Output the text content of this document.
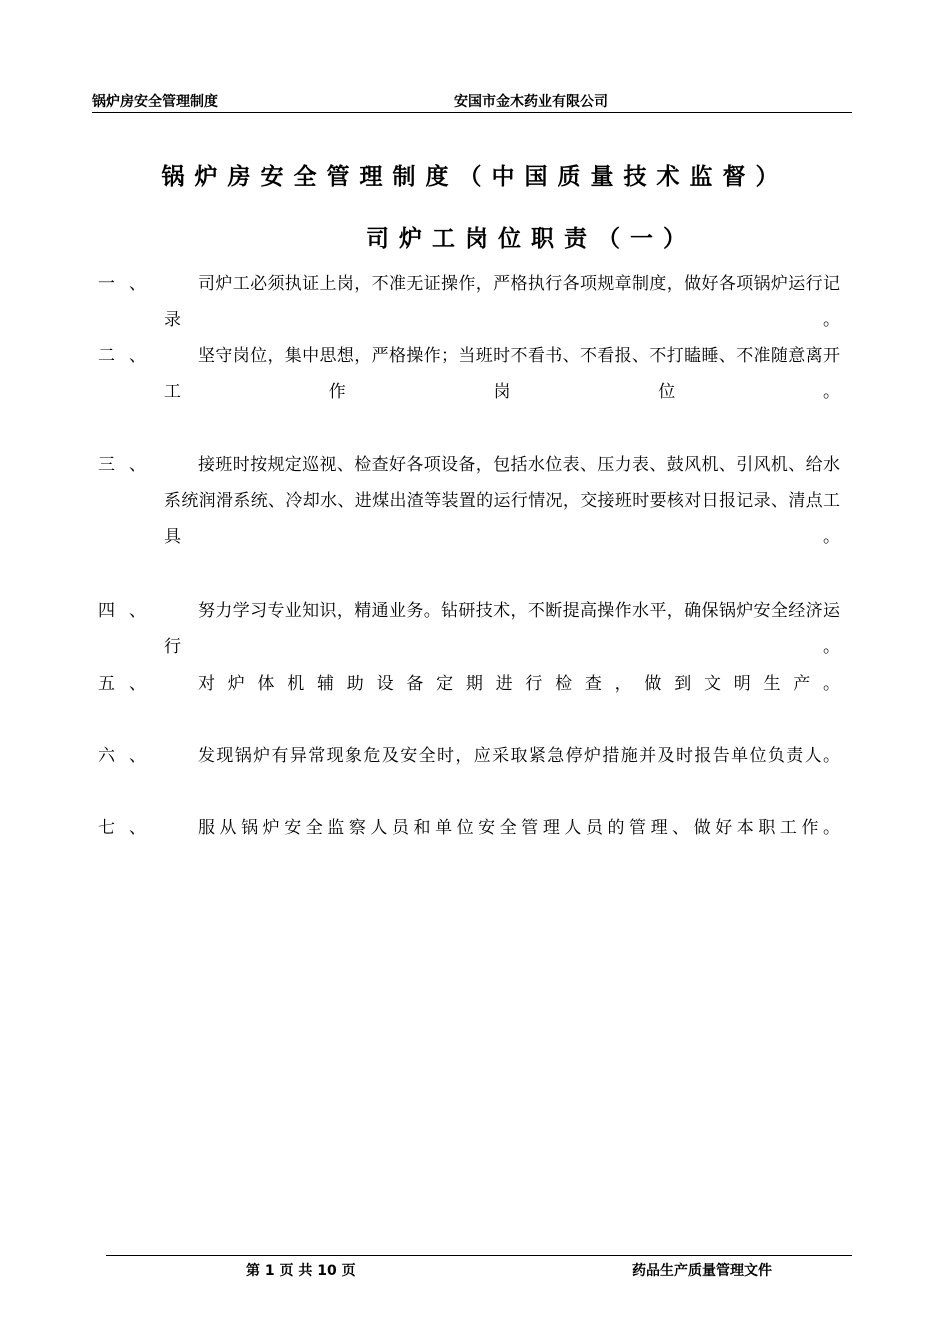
锅炉房安全管理制度	安国市金木药业有限公司
锅炉房安全管理制度（中国质量技术监督）
司炉工岗位职责（一）
一、	司炉工必须执证上岗，不准无证操作，严格执行各项规章制度，做好各项锅炉运行记录。
二、	坚守岗位，集中思想，严格操作；当班时不看书、不看报、不打瞌睡、不准随意离开工作岗位。
三、	接班时按规定巡视、检查好各项设备，包括水位表、压力表、鼓风机、引风机、给水系统润滑系统、冷却水、进煤出渣等装置的运行情况，交接班时要核对日报记录、清点工具。
四、	努力学习专业知识，精通业务。钻研技术，不断提高操作水平，确保锅炉安全经济运行。
五、	对炉体机辅助设备定期进行检查，做到文明生产。
六、	发现锅炉有异常现象危及安全时，应采取紧急停炉措施并及时报告单位负责人。
七、	服从锅炉安全监察人员和单位安全管理人员的管理、做好本职工作。
第 1 页 共 10 页	药品生产质量管理文件
